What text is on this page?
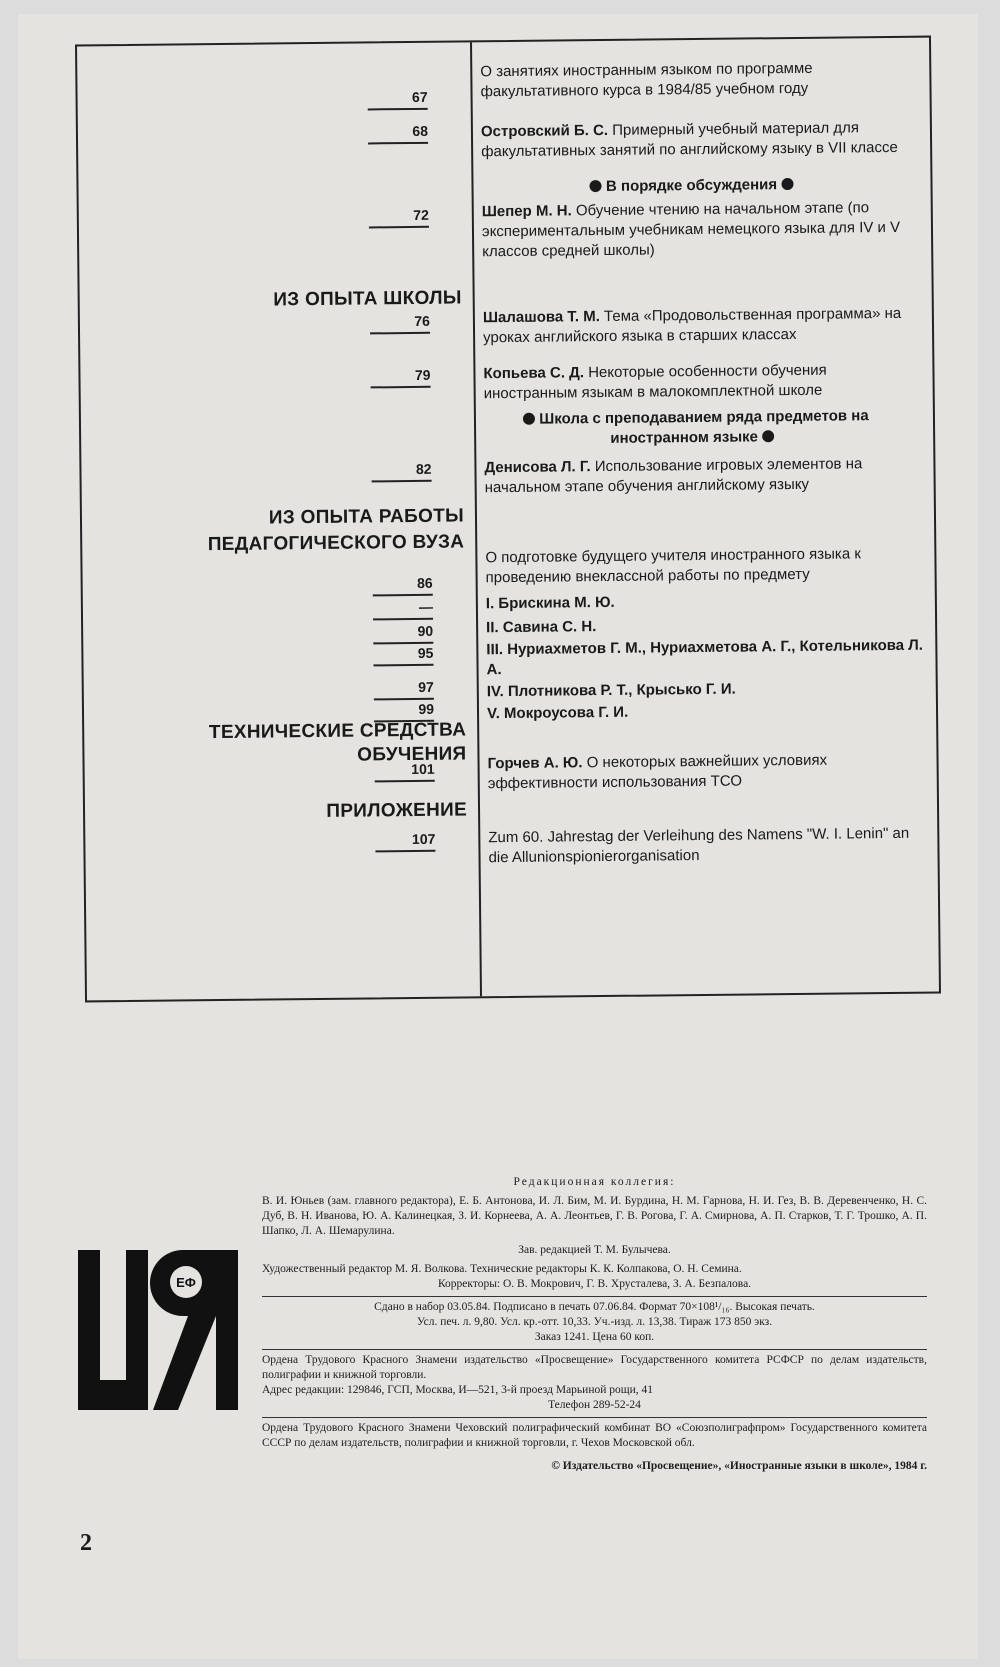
67
68
72
76
79
82
86
—
90
95
97
99
101
107
ИЗ ОПЫТА ШКОЛЫ
ИЗ ОПЫТА РАБОТЫ
ПЕДАГОГИЧЕСКОГО ВУЗА
ТЕХНИЧЕСКИЕ СРЕДСТВА
ОБУЧЕНИЯ
ПРИЛОЖЕНИЕ
В порядке обсуждения
Школа с преподаванием ряда предметов на иностранном языке
О занятиях иностранным языком по программе факультативного курса в 1984/85 учебном году
Островский Б. С. Примерный учебный материал для факультативных занятий по английскому языку в VII классе
Шепер М. Н. Обучение чтению на начальном этапе (по экспериментальным учебникам немецкого языка для IV и V классов средней школы)
Шалашова Т. М. Тема «Продовольственная программа» на уроках английского языка в старших классах
Копьева С. Д. Некоторые особенности обучения иностранным языкам в малокомплектной школе
Денисова Л. Г. Использование игровых элементов на начальном этапе обучения английскому языку
О подготовке будущего учителя иностранного языка к проведению внеклассной работы по предмету
I. Брискина М. Ю.
II. Савина С. Н.
III. Нуриахметов Г. М., Нуриахметова А. Г., Котельникова Л. А.
IV. Плотникова Р. Т., Крысько Г. И.
V. Мокроусова Г. И.
Горчев А. Ю. О некоторых важнейших условиях эффективности использования ТСО
Zum 60. Jahrestag der Verleihung des Namens "W. I. Lenin" an die Allunionspionierorganisation
ЕФ
ИЯ

Редакционная коллегия:

В. И. Юньев (зам. главного редактора), Е. Б. Антонова, И. Л. Бим, М. И. Бурдина, Н. М. Гарнова, Н. И. Гез, В. В. Деревенченко, Н. С. Дуб, В. Н. Иванова, Ю. А. Калинецкая, З. И. Корнеева, А. А. Леонтьев, Г. В. Рогова, Г. А. Смирнова, А. П. Старков, Т. Г. Трошко, А. П. Шапко, Л. А. Шемарулина.

Зав. редакцией Т. М. Булычева.

Художественный редактор М. Я. Волкова. Технические редакторы К. К. Колпакова, О. Н. Семина.

Корректоры: О. В. Мокрович, Г. В. Хрусталева, З. А. Безпалова.

Сдано в набор 03.05.84. Подписано в печать 07.06.84. Формат 70×108¹/₁₆. Высокая печать.

Усл. печ. л. 9,80. Усл. кр.-отт. 10,33. Уч.-изд. л. 13,38. Тираж 173 850 экз.

Заказ 1241. Цена 60 коп.

Ордена Трудового Красного Знамени издательство «Просвещение» Государственного комитета РСФСР по делам издательств, полиграфии и книжной торговли.

Адрес редакции: 129846, ГСП, Москва, И—521, 3-й проезд Марьиной рощи, 41

Телефон 289-52-24

Ордена Трудового Красного Знамени Чеховский полиграфический комбинат ВО «Союзполиграфпром» Государственного комитета СССР по делам издательств, полиграфии и книжной торговли, г. Чехов Московской обл.

© Издательство «Просвещение», «Иностранные языки в школе», 1984 г.

2
